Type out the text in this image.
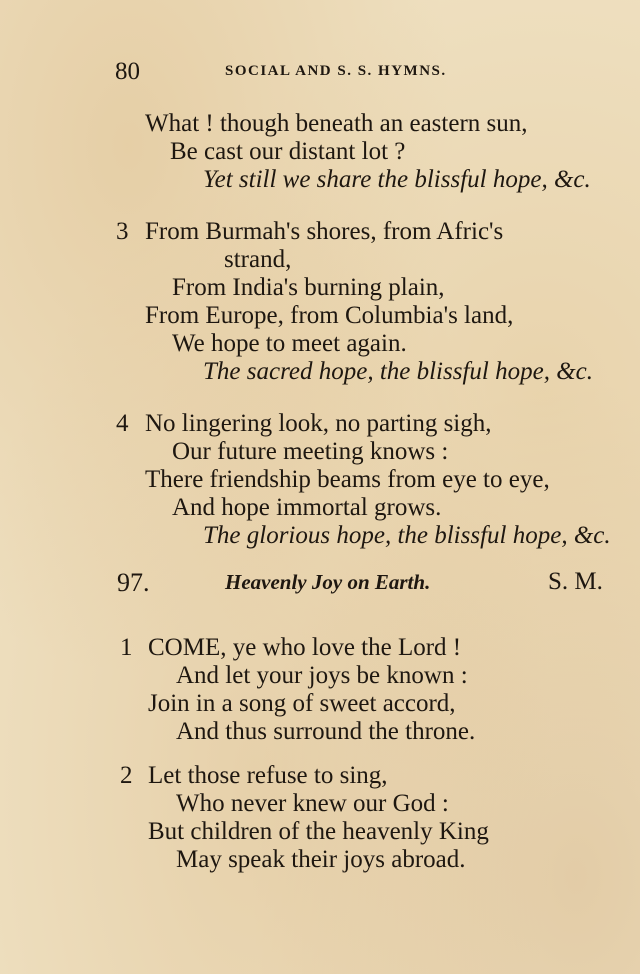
80	SOCIAL AND S. S. HYMNS.
What ! though beneath an eastern sun,
Be cast our distant lot ?
Yet still we share the blissful hope, &c.
3 From Burmah's shores, from Afric's
strand,
From India's burning plain,
From Europe, from Columbia's land,
We hope to meet again.
The sacred hope, the blissful hope, &c.
4 No lingering look, no parting sigh,
Our future meeting knows :
There friendship beams from eye to eye,
And hope immortal grows.
The glorious hope, the blissful hope, &c.
97.	Heavenly Joy on Earth.	S. M.
1 COME, ye who love the Lord !
And let your joys be known :
Join in a song of sweet accord,
And thus surround the throne.
2 Let those refuse to sing,
Who never knew our God :
But children of the heavenly King
May speak their joys abroad.
